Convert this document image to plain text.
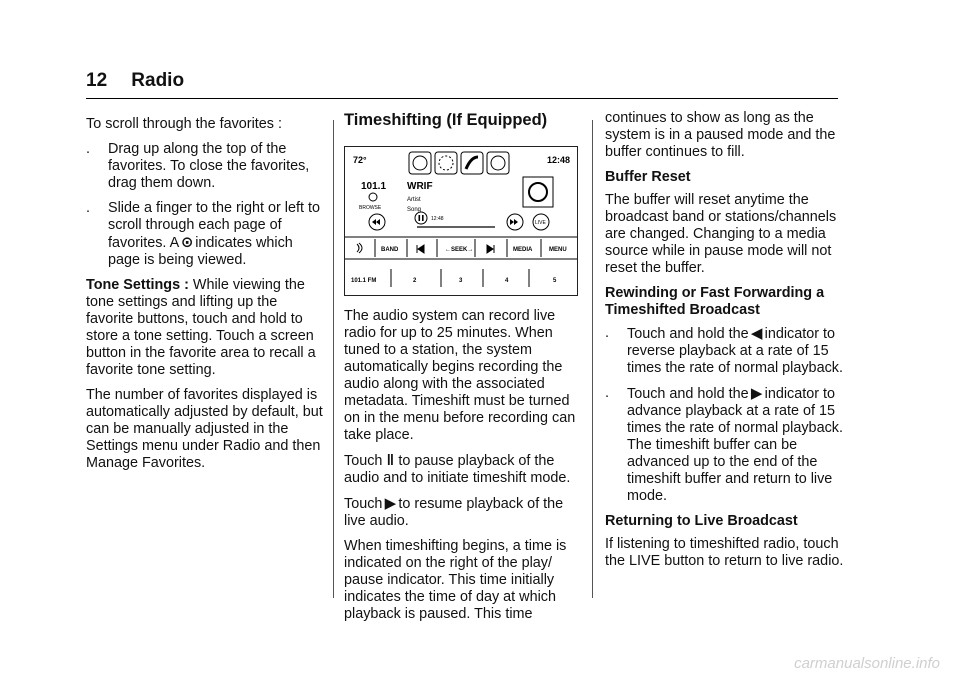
12 Radio

To scroll through the favorites :

. Drag up along the top of the favorites. To close the favorites, drag them down.
. Slide a finger to the right or left to scroll through each page of favorites. A ⊙ indicates which page is being viewed.

Tone Settings : While viewing the tone settings and lifting up the favorite buttons, touch and hold to store a tone setting. Touch a screen button in the favorite area to recall a favorite tone setting.

The number of favorites displayed is automatically adjusted by default, but can be manually adjusted in the Settings menu under Radio and then Manage Favorites.

Timeshifting (If Equipped)
72°	12:48
101.1
BROWSE
WRIF
Artist
Song
12:48
LIVE
BAND	←SEEK→	MEDIA	MENU
101.1 FM	2	3	4	5

The audio system can record live radio for up to 25 minutes. When tuned to a station, the system automatically begins recording the audio along with the associated metadata. Timeshift must be turned on in the menu before recording can take place.

Touch ‖ to pause playback of the audio and to initiate timeshift mode.

Touch ▶ to resume playback of the live audio.

When timeshifting begins, a time is indicated on the right of the play/ pause indicator. This time initially indicates the time of day at which playback is paused. This time

continues to show as long as the system is in a paused mode and the buffer continues to fill.

Buffer Reset

The buffer will reset anytime the broadcast band or stations/channels are changed. Changing to a media source while in pause mode will not reset the buffer.

Rewinding or Fast Forwarding a Timeshifted Broadcast

. Touch and hold the ◀ indicator to reverse playback at a rate of 15 times the rate of normal playback.
. Touch and hold the ▶ indicator to advance playback at a rate of 15 times the rate of normal playback. The timeshift buffer can be advanced up to the end of the timeshift buffer and return to live mode.

Returning to Live Broadcast

If listening to timeshifted radio, touch the LIVE button to return to live radio.

carmanualsonline.info
